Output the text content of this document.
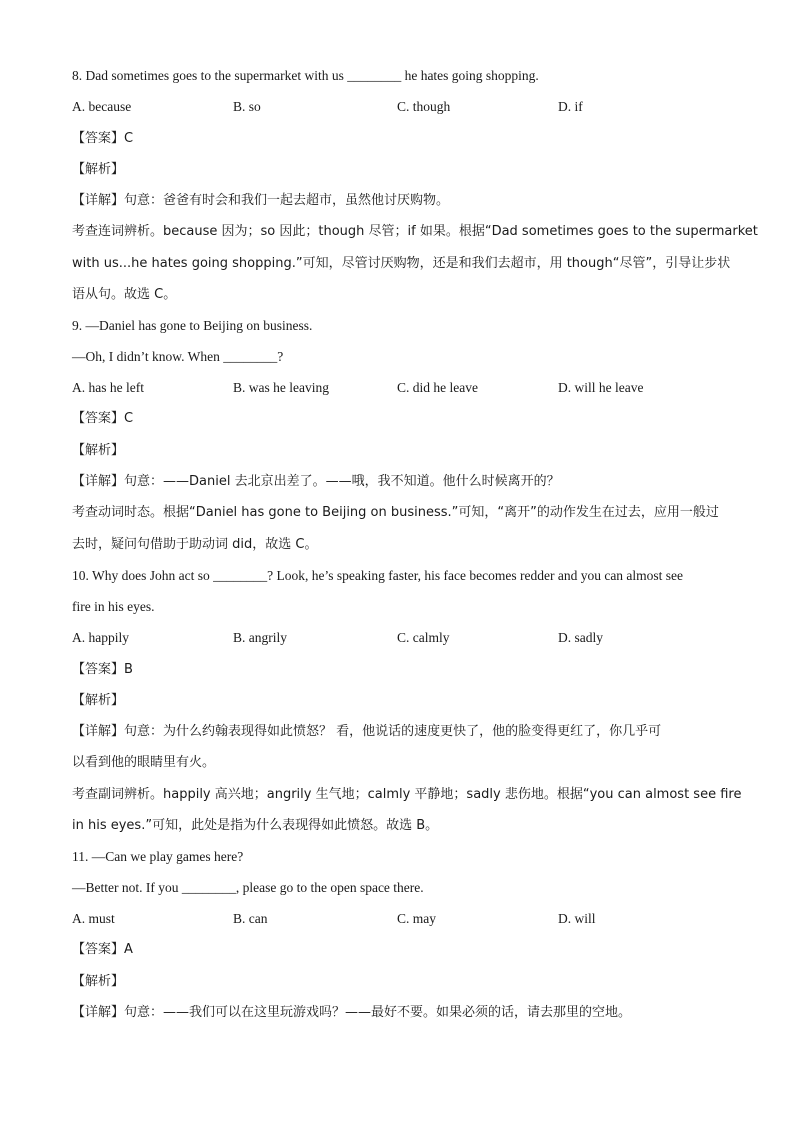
8. Dad sometimes goes to the supermarket with us ________ he hates going shopping.
A. because	B. so	C. though	D. if
【答案】C
【解析】
【详解】句意：爸爸有时会和我们一起去超市，虽然他讨厌购物。
考查连词辨析。because 因为；so 因此；though 尽管；if 如果。根据“Dad sometimes goes to the supermarket
with us...he hates going shopping.”可知，尽管讨厌购物，还是和我们去超市，用 though“尽管”，引导让步状
语从句。故选 C。
9. —Daniel has gone to Beijing on business.
—Oh, I didn’t know. When ________?
A. has he left	B. was he leaving	C. did he leave	D. will he leave
【答案】C
【解析】
【详解】句意：——Daniel 去北京出差了。——哦，我不知道。他什么时候离开的？
考查动词时态。根据“Daniel has gone to Beijing on business.”可知，“离开”的动作发生在过去，应用一般过
去时，疑问句借助于助动词 did，故选 C。
10. Why does John act so ________? Look, he’s speaking faster, his face becomes redder and you can almost see
fire in his eyes.
A. happily	B. angrily	C. calmly	D. sadly
【答案】B
【解析】
【详解】句意：为什么约翰表现得如此愤怒？ 看，他说话的速度更快了，他的脸变得更红了，你几乎可
以看到他的眼睛里有火。
考查副词辨析。happily 高兴地；angrily 生气地；calmly 平静地；sadly 悲伤地。根据“you can almost see fire
in his eyes.”可知，此处是指为什么表现得如此愤怒。故选 B。
11. —Can we play games here?
—Better not. If you ________, please go to the open space there.
A. must	B. can	C. may	D. will
【答案】A
【解析】
【详解】句意：——我们可以在这里玩游戏吗？——最好不要。如果必须的话，请去那里的空地。
